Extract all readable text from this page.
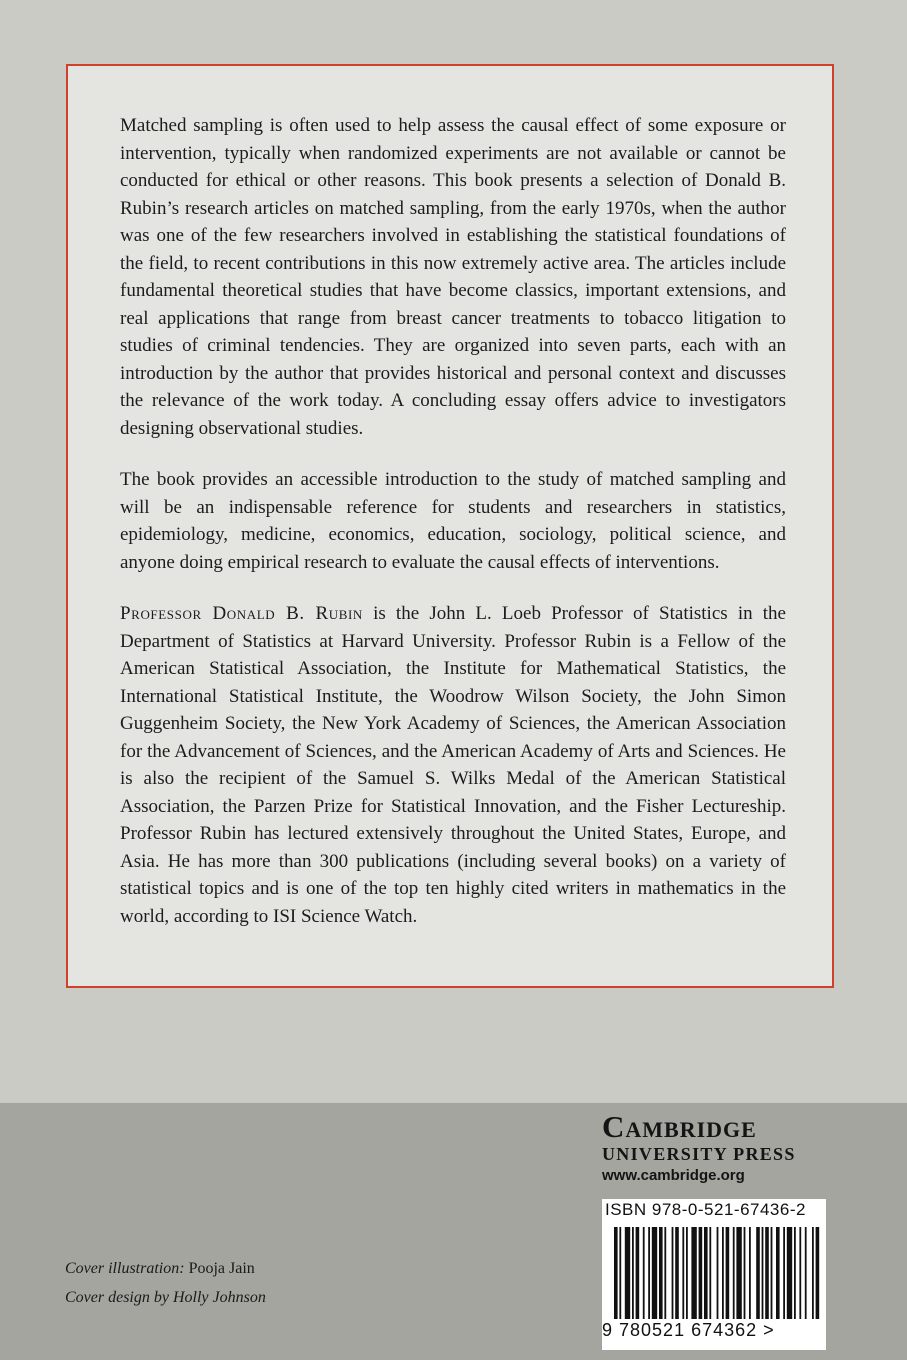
Matched sampling is often used to help assess the causal effect of some exposure or intervention, typically when randomized experiments are not available or cannot be conducted for ethical or other reasons. This book presents a selection of Donald B. Rubin’s research articles on matched sampling, from the early 1970s, when the author was one of the few researchers involved in establishing the statistical foundations of the field, to recent contributions in this now extremely active area. The articles include fundamental theoretical studies that have become classics, important extensions, and real applications that range from breast cancer treatments to tobacco litigation to studies of criminal tendencies. They are organized into seven parts, each with an introduction by the author that provides historical and personal context and discusses the relevance of the work today. A concluding essay offers advice to investigators designing observational studies.

The book provides an accessible introduction to the study of matched sampling and will be an indispensable reference for students and researchers in statistics, epidemiology, medicine, economics, education, sociology, political science, and anyone doing empirical research to evaluate the causal effects of interventions.

Professor Donald B. Rubin is the John L. Loeb Professor of Statistics in the Department of Statistics at Harvard University. Professor Rubin is a Fellow of the American Statistical Association, the Institute for Mathematical Statistics, the International Statistical Institute, the Woodrow Wilson Society, the John Simon Guggenheim Society, the New York Academy of Sciences, the American Association for the Advancement of Sciences, and the American Academy of Arts and Sciences. He is also the recipient of the Samuel S. Wilks Medal of the American Statistical Association, the Parzen Prize for Statistical Innovation, and the Fisher Lectureship. Professor Rubin has lectured extensively throughout the United States, Europe, and Asia. He has more than 300 publications (including several books) on a variety of statistical topics and is one of the top ten highly cited writers in mathematics in the world, according to ISI Science Watch.

Cover illustration: Pooja Jain
Cover design by Holly Johnson
Cambridge
UNIVERSITY PRESS
www.cambridge.org
ISBN 978-0-521-67436-2
9 780521 674362 >
